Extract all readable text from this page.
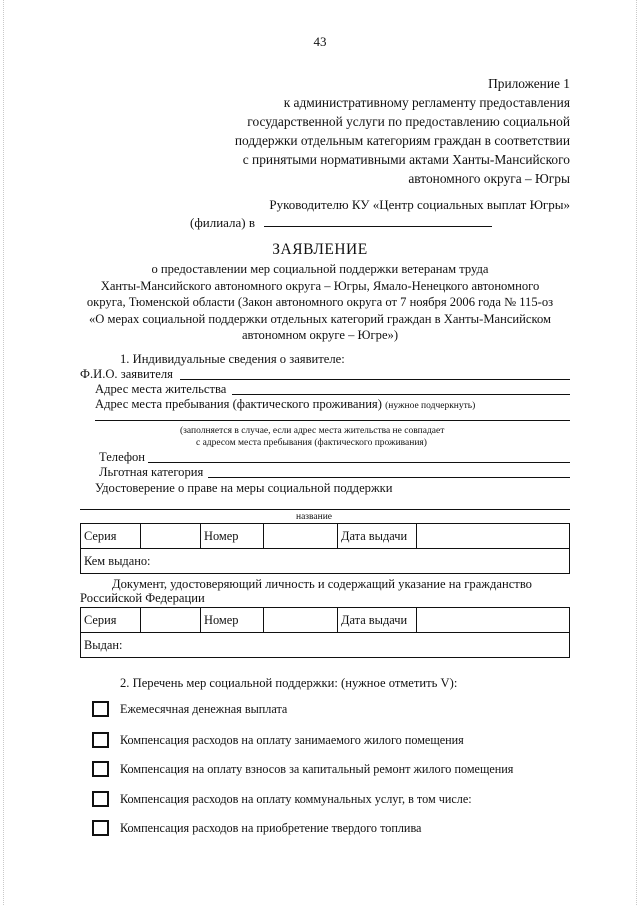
43
Приложение 1
к административному регламенту предоставления
государственной услуги по предоставлению социальной
поддержки отдельным категориям граждан в соответствии
с принятыми нормативными актами Ханты-Мансийского
автономного округа – Югры
Руководителю КУ «Центр социальных выплат Югры»
(филиала) в
ЗАЯВЛЕНИЕ
о предоставлении мер социальной поддержки ветеранам труда
Ханты-Мансийского автономного округа – Югры, Ямало-Ненецкого автономного
округа, Тюменской области (Закон автономного округа от 7 ноября 2006 года № 115-оз
«О мерах социальной поддержки отдельных категорий граждан в Ханты-Мансийском
автономном округе – Югре»)
1. Индивидуальные сведения о заявителе:
Ф.И.О. заявителя
Адрес места жительства
Адрес места пребывания (фактического проживания) (нужное подчеркнуть)
(заполняется в случае, если адрес места жительства не совпадает
с адресом места пребывания (фактического проживания)
Телефон
Льготная категория
Удостоверение о праве на меры социальной поддержки
название
Серия		Номер		Дата выдачи	
Кем выдано:
Документ, удостоверяющий личность и содержащий указание на гражданство
Российской Федерации
Серия		Номер		Дата выдачи	
Выдан:
2. Перечень мер социальной поддержки: (нужное отметить V):
Ежемесячная денежная выплата
Компенсация расходов на оплату занимаемого жилого помещения
Компенсация на оплату взносов за капитальный ремонт жилого помещения
Компенсация расходов на оплату коммунальных услуг, в том числе:
Компенсация расходов на приобретение твердого топлива
